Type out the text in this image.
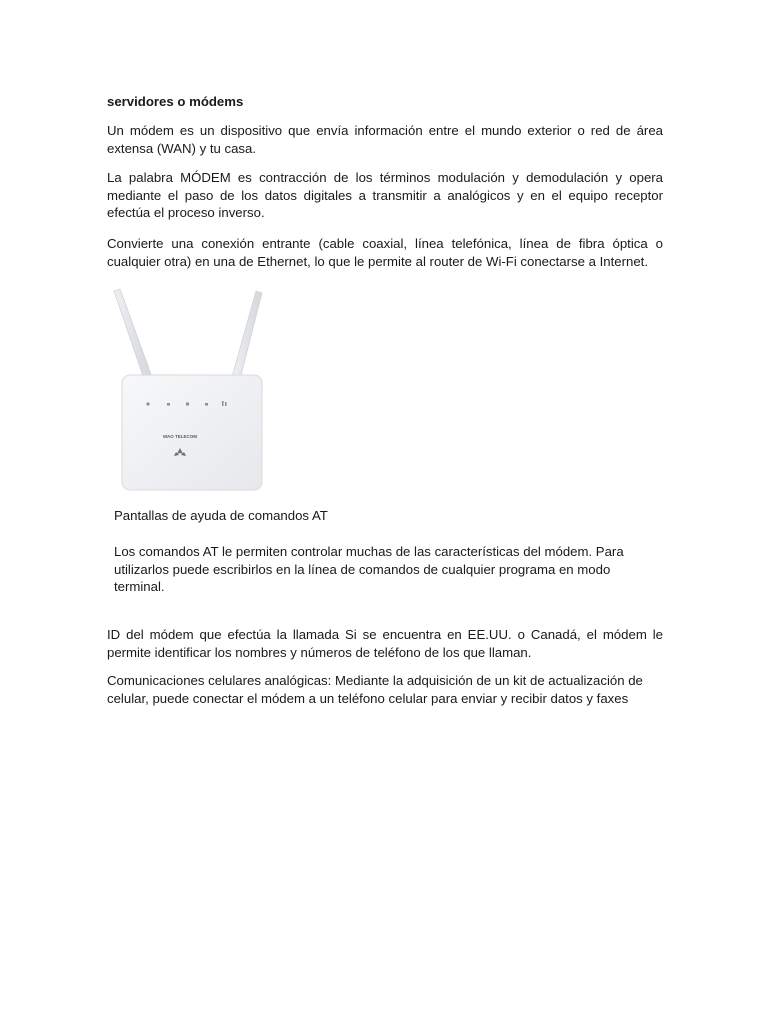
servidores o módems

Un módem es un dispositivo que envía información entre el mundo exterior o red de área extensa (WAN) y tu casa.

La palabra MÓDEM es contracción de los términos modulación y demodulación y opera mediante el paso de los datos digitales a transmitir a analógicos y en el equipo receptor efectúa el proceso inverso.

Convierte una conexión entrante (cable coaxial, línea telefónica, línea de fibra óptica o cualquier otra) en una de Ethernet, lo que le permite al router de Wi-Fi conectarse a Internet.

WAO TELECOM

Pantallas de ayuda de comandos AT

Los comandos AT le permiten controlar muchas de las características del módem. Para utilizarlos puede escribirlos en la línea de comandos de cualquier programa en modo terminal.

ID del módem que efectúa la llamada Si se encuentra en EE.UU. o Canadá, el módem le permite identificar los nombres y números de teléfono de los que llaman.

Comunicaciones celulares analógicas: Mediante la adquisición de un kit de actualización de celular, puede conectar el módem a un teléfono celular para enviar y recibir datos y faxes
